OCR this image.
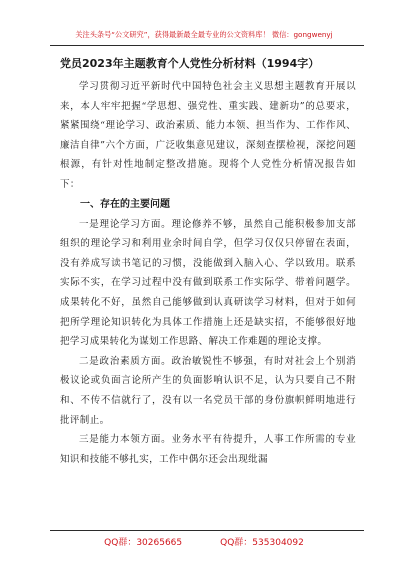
关注头条号“公文研究”，获得最新最全最专业的公文资料库！ 微信：gongwenyj
党员2023年主题教育个人党性分析材料（1994字）

学习贯彻习近平新时代中国特色社会主义思想主题教育开展以来，本人牢牢把握“学思想、强党性、重实践、建新功”的总要求，紧紧围绕“理论学习、政治素质、能力本领、担当作为、工作作风、廉洁自律”六个方面，广泛收集意见建议，深刻查摆检视，深挖问题根源，有针对性地制定整改措施。现将个人党性分析情况报告如下：

一、存在的主要问题

一是理论学习方面。理论修养不够，虽然自己能积极参加支部组织的理论学习和利用业余时间自学，但学习仅仅只停留在表面，没有养成写读书笔记的习惯，没能做到入脑入心、学以致用。联系实际不实，在学习过程中没有做到联系工作实际学、带着问题学。成果转化不好，虽然自己能够做到认真研读学习材料，但对于如何把所学理论知识转化为具体工作措施上还是缺实招，不能够很好地把学习成果转化为谋划工作思路、解决工作难题的理论支撑。

二是政治素质方面。政治敏锐性不够强，有时对社会上个别消极议论或负面言论所产生的负面影响认识不足，认为只要自己不附和、不传不信就行了，没有以一名党员干部的身份旗帜鲜明地进行批评制止。

三是能力本领方面。业务水平有待提升，人事工作所需的专业知识和技能不够扎实，工作中偶尔还会出现纰漏

QQ群：30265665	QQ群：535304092
